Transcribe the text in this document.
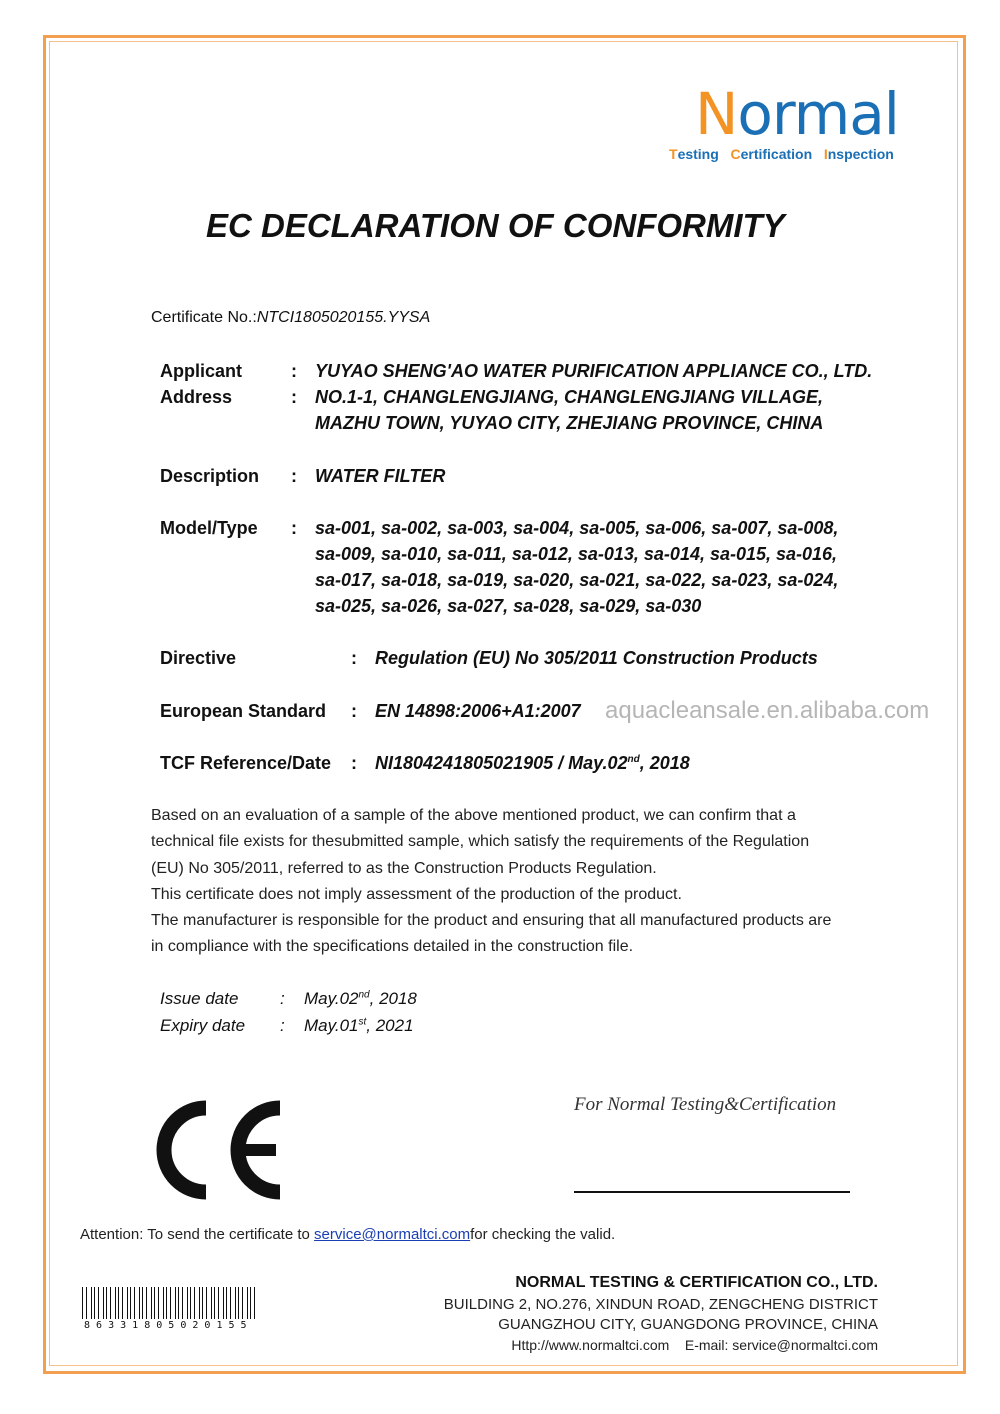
Normal
Testing Certification Inspection
EC DECLARATION OF CONFORMITY
Certificate No.:NTCI1805020155.YYSA
Applicant	: YUYAO SHENG'AO WATER PURIFICATION APPLIANCE CO., LTD.
Address	: NO.1-1, CHANGLENGJIANG, CHANGLENGJIANG VILLAGE,
MAZHU TOWN, YUYAO CITY, ZHEJIANG PROVINCE, CHINA
Description : WATER FILTER
Model/Type : sa-001, sa-002, sa-003, sa-004, sa-005, sa-006, sa-007, sa-008,
sa-009, sa-010, sa-011, sa-012, sa-013, sa-014, sa-015, sa-016,
sa-017, sa-018, sa-019, sa-020, sa-021, sa-022, sa-023, sa-024,
sa-025, sa-026, sa-027, sa-028, sa-029, sa-030
Directive	: Regulation (EU) No 305/2011 Construction Products
European Standard : EN 14898:2006+A1:2007 aquacleansale.en.alibaba.com
TCF Reference/Date : NI1804241805021905 / May.02nd, 2018
Based on an evaluation of a sample of the above mentioned product, we can confirm that a
technical file exists for thesubmitted sample, which satisfy the requirements of the Regulation
(EU) No 305/2011, referred to as the Construction Products Regulation.
This certificate does not imply assessment of the production of the product.
The manufacturer is responsible for the product and ensuring that all manufactured products are
in compliance with the specifications detailed in the construction file.
Issue date : May.02nd, 2018
Expiry date : May.01st, 2021
For Normal Testing&Certification
Attention: To send the certificate to service@normaltci.comfor checking the valid.
8 6 3 3 1 8 0 5 0 2 0 1 5 5
NORMAL TESTING & CERTIFICATION CO., LTD.
BUILDING 2, NO.276, XINDUN ROAD, ZENGCHENG DISTRICT
GUANGZHOU CITY, GUANGDONG PROVINCE, CHINA
Http://www.normaltci.com    E-mail: service@normaltci.com
